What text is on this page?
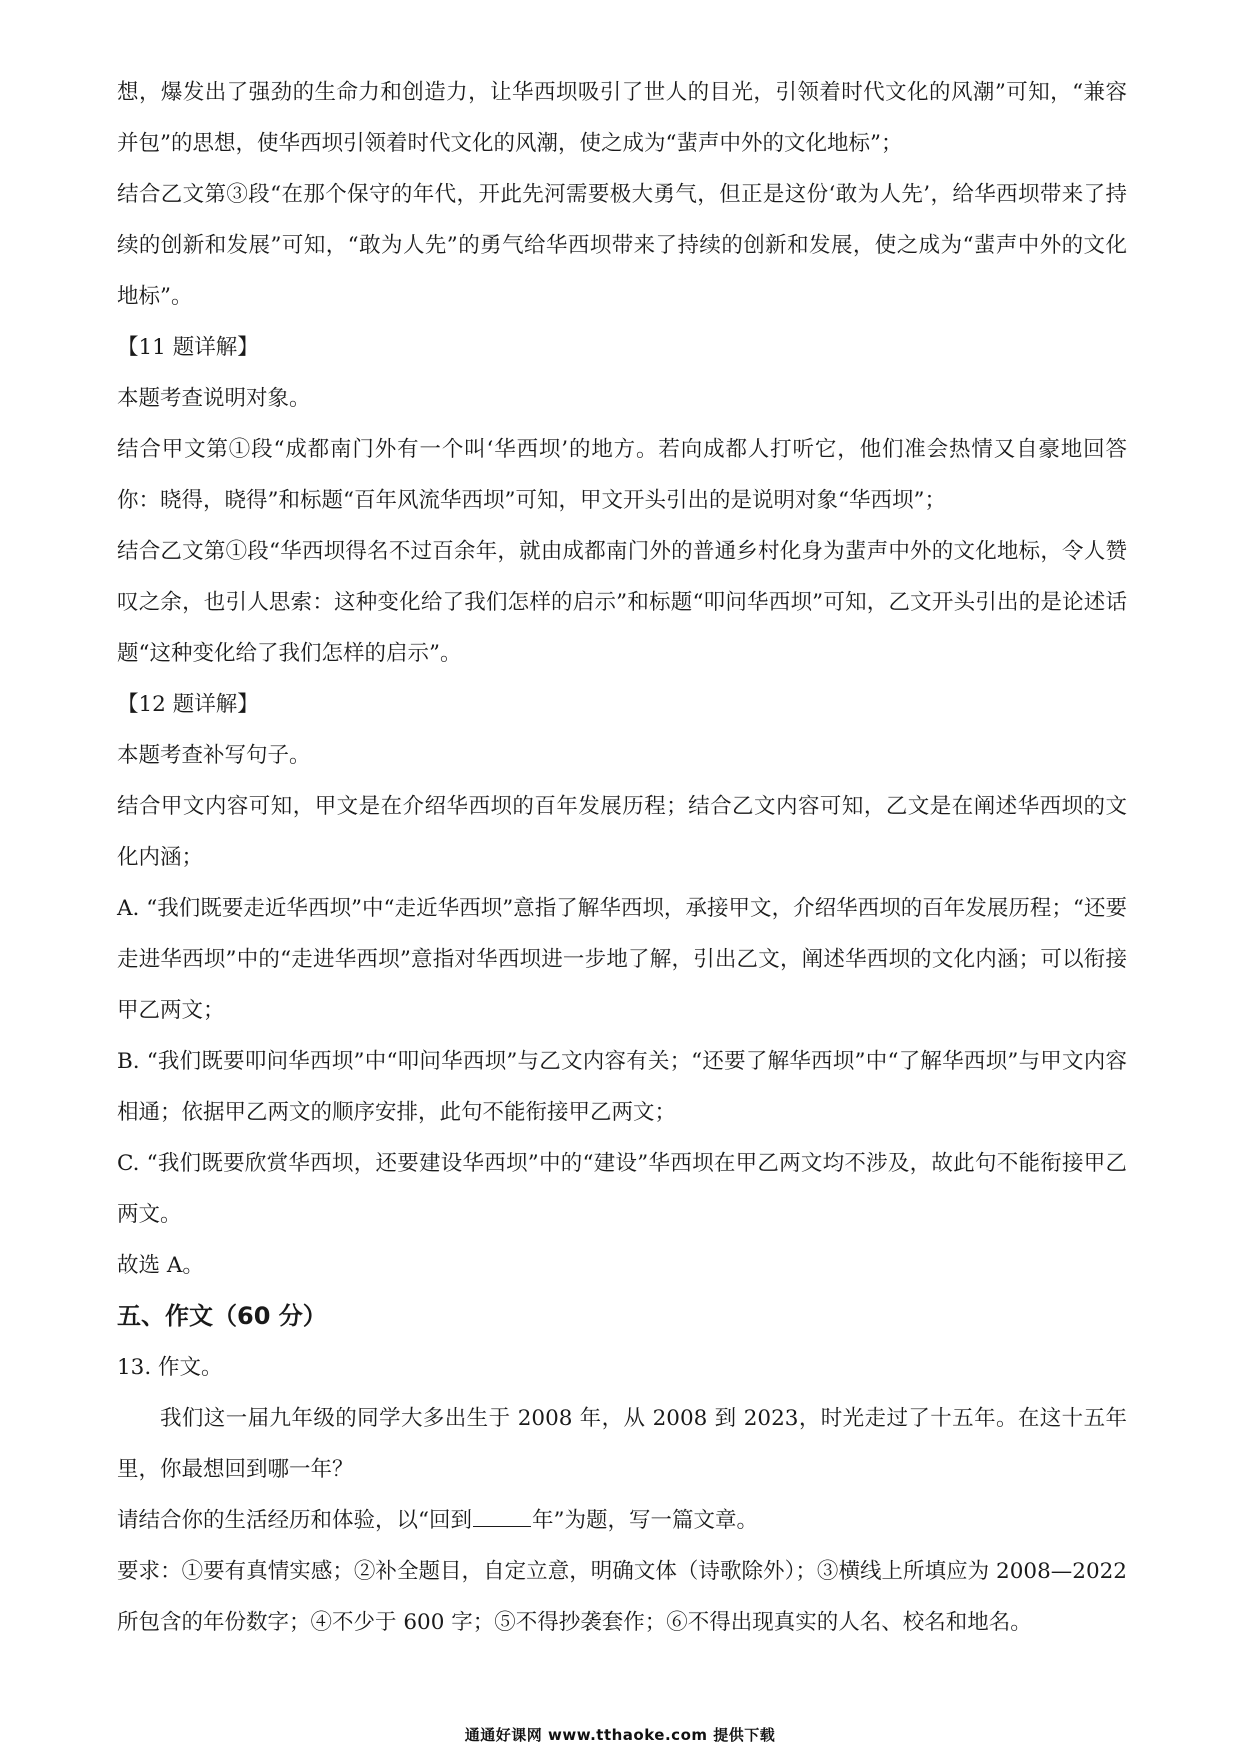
想，爆发出了强劲的生命力和创造力，让华西坝吸引了世人的目光，引领着时代文化的风潮”可知，“兼容并包”的思想，使华西坝引领着时代文化的风潮，使之成为“蜚声中外的文化地标”；

结合乙文第③段“在那个保守的年代，开此先河需要极大勇气，但正是这份‘敢为人先’，给华西坝带来了持续的创新和发展”可知，“敢为人先”的勇气给华西坝带来了持续的创新和发展，使之成为“蜚声中外的文化地标”。

【11 题详解】

本题考查说明对象。

结合甲文第①段“成都南门外有一个叫‘华西坝’的地方。若向成都人打听它，他们准会热情又自豪地回答你：晓得，晓得”和标题“百年风流华西坝”可知，甲文开头引出的是说明对象“华西坝”；

结合乙文第①段“华西坝得名不过百余年，就由成都南门外的普通乡村化身为蜚声中外的文化地标，令人赞叹之余，也引人思索：这种变化给了我们怎样的启示”和标题“叩问华西坝”可知，乙文开头引出的是论述话题“这种变化给了我们怎样的启示”。

【12 题详解】

本题考查补写句子。

结合甲文内容可知，甲文是在介绍华西坝的百年发展历程；结合乙文内容可知，乙文是在阐述华西坝的文化内涵；

A. “我们既要走近华西坝”中“走近华西坝”意指了解华西坝，承接甲文，介绍华西坝的百年发展历程；“还要走进华西坝”中的“走进华西坝”意指对华西坝进一步地了解，引出乙文，阐述华西坝的文化内涵；可以衔接甲乙两文；

B. “我们既要叩问华西坝”中“叩问华西坝”与乙文内容有关；“还要了解华西坝”中“了解华西坝”与甲文内容相通；依据甲乙两文的顺序安排，此句不能衔接甲乙两文；

C. “我们既要欣赏华西坝，还要建设华西坝”中的“建设”华西坝在甲乙两文均不涉及，故此句不能衔接甲乙两文。

故选 A。

五、作文（60 分）

13. 作文。

我们这一届九年级的同学大多出生于 2008 年，从 2008 到 2023，时光走过了十五年。在这十五年里，你最想回到哪一年？

请结合你的生活经历和体验，以“回到	年”为题，写一篇文章。

要求：①要有真情实感；②补全题目，自定立意，明确文体（诗歌除外）；③横线上所填应为 2008—2022 所包含的年份数字；④不少于 600 字；⑤不得抄袭套作；⑥不得出现真实的人名、校名和地名。

通通好课网 www.tthaoke.com 提供下载
